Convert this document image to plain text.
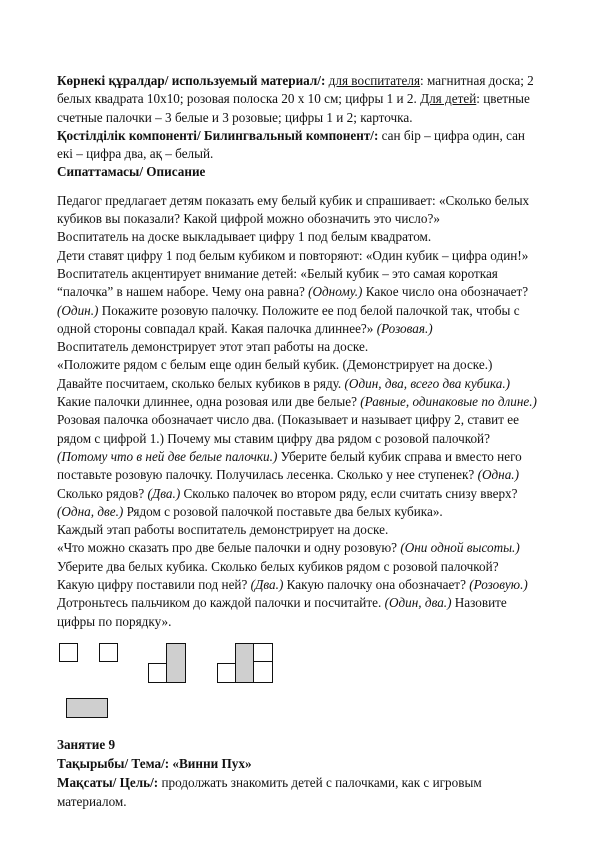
Көрнекі құралдар/ используемый материал/: для воспитателя: магнитная доска; 2 белых квадрата 10х10; розовая полоска 20 х 10 см; цифры 1 и 2. Для детей: цветные счетные палочки – 3 белые и 3 розовые; цифры 1 и 2; карточка.

Қостілділік компоненті/ Билингвальный компонент/: сан бір – цифра один, сан екі – цифра два, ақ – белый.

Сипаттамасы/ Описание

Педагог предлагает детям показать ему белый кубик и спрашивает: «Сколько белых кубиков вы показали? Какой цифрой можно обозначить это число?»

Воспитатель на доске выкладывает цифру 1 под белым квадратом.

Дети ставят цифру 1 под белым кубиком и повторяют: «Один кубик – цифра один!»

Воспитатель акцентирует внимание детей: «Белый кубик – это самая короткая “палочка” в нашем наборе. Чему она равна? (Одному.) Какое число она обозначает? (Один.) Покажите розовую палочку. Положите ее под белой палочкой так, чтобы с одной стороны совпадал край. Какая палочка длиннее?» (Розовая.)

Воспитатель демонстрирует этот этап работы на доске.

«Положите рядом с белым еще один белый кубик. (Демонстрирует на доске.) Давайте посчитаем, сколько белых кубиков в ряду. (Один, два, всего два кубика.) Какие палочки длиннее, одна розовая или две белые? (Равные, одинаковые по длине.) Розовая палочка обозначает число два. (Показывает и называет цифру 2, ставит ее рядом с цифрой 1.) Почему мы ставим цифру два рядом с розовой палочкой? (Потому что в ней две белые палочки.) Уберите белый кубик справа и вместо него поставьте розовую палочку. Получилась лесенка. Сколько у нее ступенек? (Одна.) Сколько рядов? (Два.) Сколько палочек во втором ряду, если считать снизу вверх? (Одна, две.) Рядом с розовой палочкой поставьте два белых кубика».

Каждый этап работы воспитатель демонстрирует на доске.

«Что можно сказать про две белые палочки и одну розовую? (Они одной высоты.) Уберите два белых кубика. Сколько белых кубиков рядом с розовой палочкой? Какую цифру поставили под ней? (Два.) Какую палочку она обозначает? (Розовую.) Дотроньтесь пальчиком до каждой палочки и посчитайте. (Один, два.) Назовите цифры по порядку».

Занятие 9

Тақырыбы/ Тема/: «Винни Пух»

Мақсаты/ Цель/: продолжать знакомить детей с палочками, как с игровым материалом.
